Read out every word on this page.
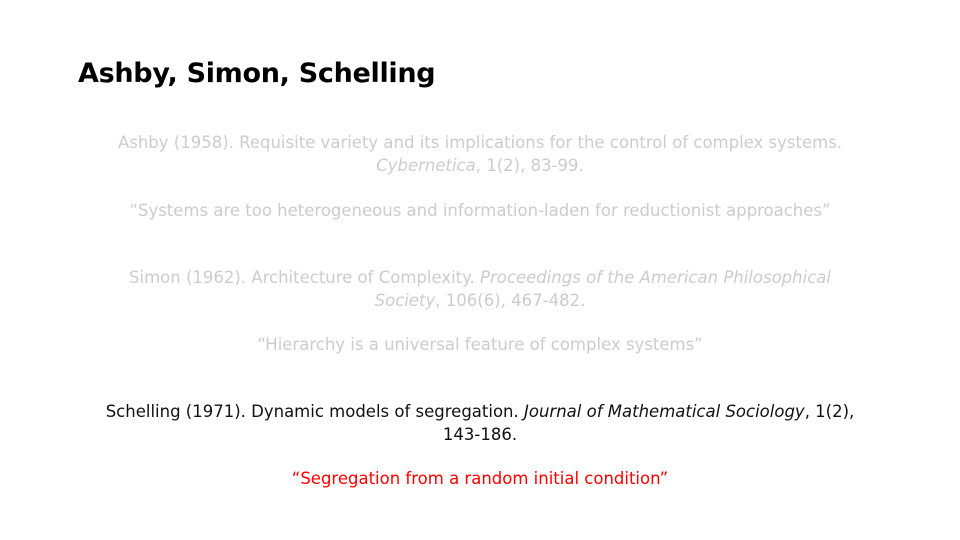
Ashby, Simon, Schelling

Ashby (1958). Requisite variety and its implications for the control of complex systems.
Cybernetica, 1(2), 83-99.

“Systems are too heterogeneous and information-laden for reductionist approaches”

Simon (1962). Architecture of Complexity. Proceedings of the American Philosophical Society, 106(6), 467-482.

“Hierarchy is a universal feature of complex systems”

Schelling (1971). Dynamic models of segregation. Journal of Mathematical Sociology, 1(2), 143-186.

“Segregation from a random initial condition”
